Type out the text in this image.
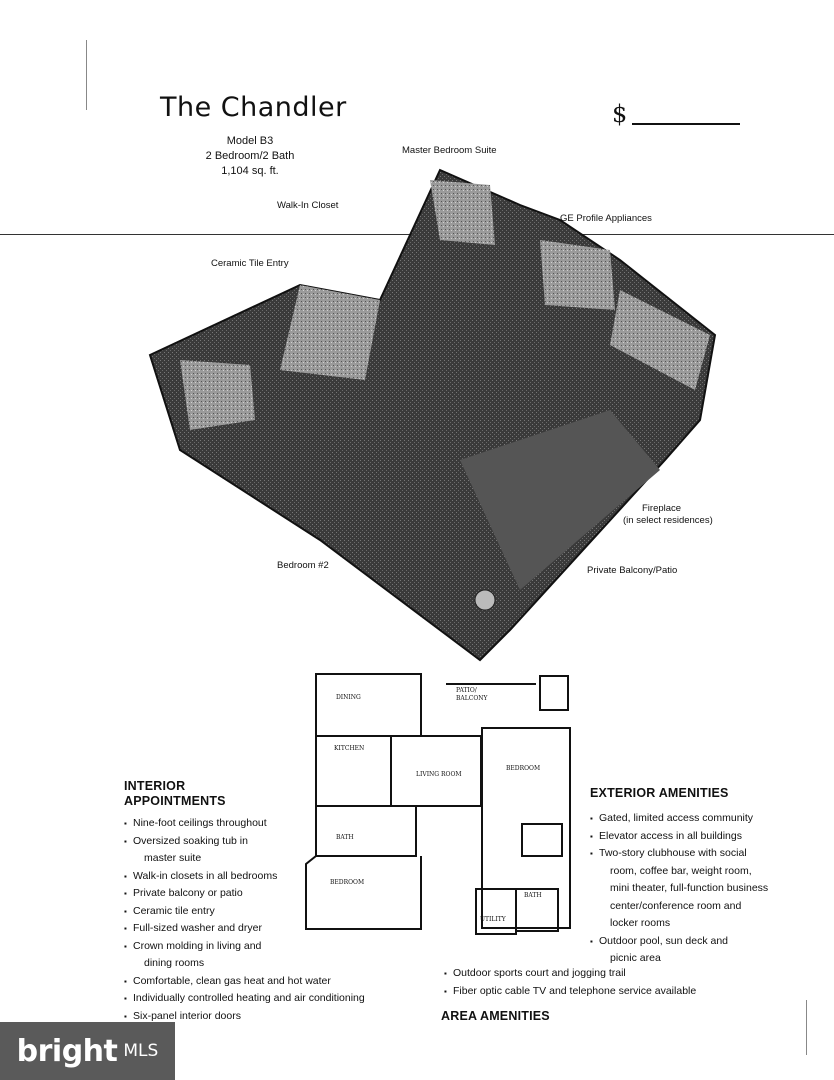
The Chandler
Model B3
2 Bedroom/2 Bath
1,104 sq. ft.
$
Master Bedroom Suite
Walk-In Closet
GE Profile Appliances
Ceramic Tile Entry
Fireplace
(in select residences)
Bedroom #2	Private Balcony/Patio
DINING
PATIO/
BALCONY
KITCHEN
LIVING ROOM
BEDROOM
BATH
BEDROOM
BATH
UTILITY
INTERIOR
APPOINTMENTS
▪ Nine-foot ceilings throughout
▪ Oversized soaking tub in
master suite
▪ Walk-in closets in all bedrooms
▪ Private balcony or patio
▪ Ceramic tile entry
▪ Full-sized washer and dryer
▪ Crown molding in living and
dining rooms
▪ Comfortable, clean gas heat and hot water
▪ Individually controlled heating and air conditioning
▪ Six-panel interior doors
EXTERIOR AMENITIES
▪ Gated, limited access community
▪ Elevator access in all buildings
▪ Two-story clubhouse with social
room, coffee bar, weight room,
mini theater, full-function business
center/conference room and
locker rooms
▪ Outdoor pool, sun deck and
picnic area
▪ Outdoor sports court and jogging trail
▪ Fiber optic cable TV and telephone service available
AREA AMENITIES
bright MLS
